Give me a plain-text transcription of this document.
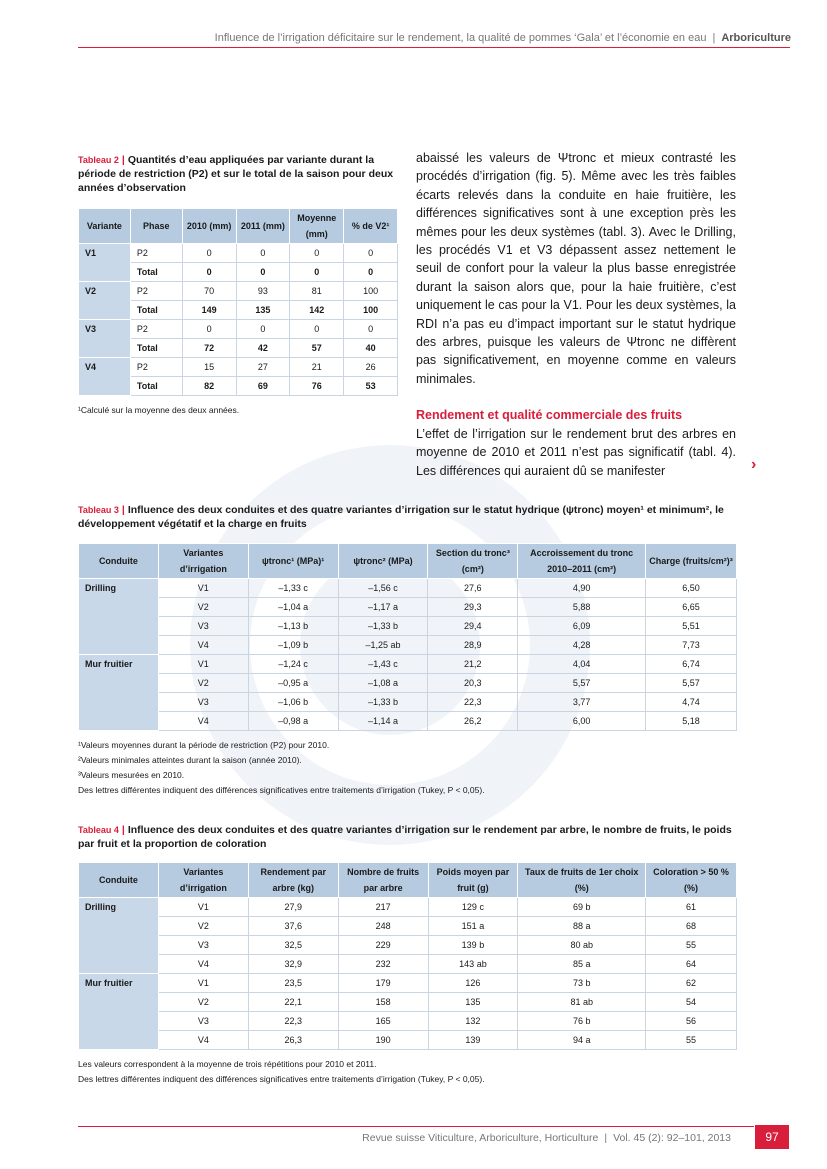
Influence de l’irrigation déficitaire sur le rendement, la qualité de pommes ‘Gala’ et l’économie en eau | Arboriculture
Tableau 2 | Quantités d’eau appliquées par variante durant la période de restriction (P2) et sur le total de la saison pour deux années d’observation
Variante	Phase	2010 (mm)	2011 (mm)	Moyenne (mm)	% de V2¹
V1	P2	0	0	0	0
	Total	0	0	0	0
V2	P2	70	93	81	100
	Total	149	135	142	100
V3	P2	0	0	0	0
	Total	72	42	57	40
V4	P2	15	27	21	26
	Total	82	69	76	53
¹Calculé sur la moyenne des deux années.

abaissé les valeurs de Ψtronc et mieux contrasté les procédés d’irrigation (fig. 5). Même avec les très faibles écarts relevés dans la conduite en haie fruitière, les différences significatives sont à une exception près les mêmes pour les deux systèmes (tabl. 3). Avec le Drilling, les procédés V1 et V3 dépassent assez nettement le seuil de confort pour la valeur la plus basse enregistrée durant la saison alors que, pour la haie fruitière, c’est uniquement le cas pour la V1. Pour les deux systèmes, la RDI n’a pas eu d’impact important sur le statut hydrique des arbres, puisque les valeurs de Ψtronc ne diffèrent pas significativement, en moyenne comme en valeurs minimales.

Rendement et qualité commerciale des fruits

L’effet de l’irrigation sur le rendement brut des arbres en moyenne de 2010 et 2011 n’est pas significatif (tabl. 4). Les différences qui auraient dû se manifester	›
Tableau 3 | Influence des deux conduites et des quatre variantes d’irrigation sur le statut hydrique (ψtronc) moyen¹ et minimum², le développement végétatif et la charge en fruits
Conduite	Variantes d’irrigation	ψtronc¹ (MPa)¹	ψtronc² (MPa)	Section du tronc³ (cm²)	Accroissement du tronc 2010–2011 (cm²)	Charge (fruits/cm²)³
Drilling	V1	–1,33 c	–1,56 c	27,6	4,90	6,50
	V2	–1,04 a	–1,17 a	29,3	5,88	6,65
	V3	–1,13 b	–1,33 b	29,4	6,09	5,51
	V4	–1,09 b	–1,25 ab	28,9	4,28	7,73
Mur fruitier	V1	–1,24 c	–1,43 c	21,2	4,04	6,74
	V2	–0,95 a	–1,08 a	20,3	5,57	5,57
	V3	–1,06 b	–1,33 b	22,3	3,77	4,74
	V4	–0,98 a	–1,14 a	26,2	6,00	5,18
¹Valeurs moyennes durant la période de restriction (P2) pour 2010.
²Valeurs minimales atteintes durant la saison (année 2010).
³Valeurs mesurées en 2010.
Des lettres différentes indiquent des différences significatives entre traitements d’irrigation (Tukey, P < 0,05).
Tableau 4 | Influence des deux conduites et des quatre variantes d’irrigation sur le rendement par arbre, le nombre de fruits, le poids par fruit et la proportion de coloration
Conduite	Variantes d’irrigation	Rendement par arbre (kg)	Nombre de fruits par arbre	Poids moyen par fruit (g)	Taux de fruits de 1er choix (%)	Coloration > 50 % (%)
Drilling	V1	27,9	217	129 c	69 b	61
	V2	37,6	248	151 a	88 a	68
	V3	32,5	229	139 b	80 ab	55
	V4	32,9	232	143 ab	85 a	64
Mur fruitier	V1	23,5	179	126	73 b	62
	V2	22,1	158	135	81 ab	54
	V3	22,3	165	132	76 b	56
	V4	26,3	190	139	94 a	55
Les valeurs correspondent à la moyenne de trois répétitions pour 2010 et 2011.
Des lettres différentes indiquent des différences significatives entre traitements d’irrigation (Tukey, P < 0,05).
Revue suisse Viticulture, Arboriculture, Horticulture | Vol. 45 (2): 92–101, 2013	97
